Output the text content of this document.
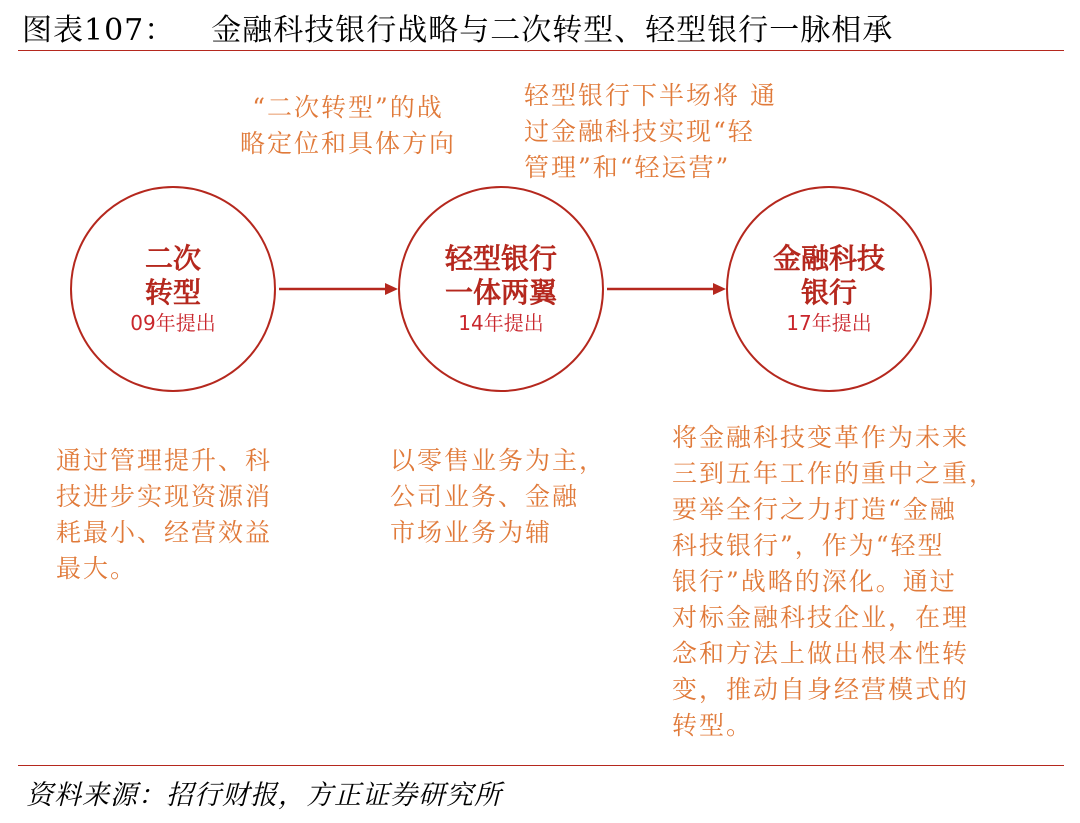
图表107： 金融科技银行战略与二次转型、轻型银行一脉相承
“二次转型”的战
略定位和具体方向
轻型银行下半场将 通
过金融科技实现“轻
管理”和“轻运营”
二次
转型
09年提出
轻型银行
一体两翼
14年提出
金融科技
银行
17年提出
通过管理提升、科
技进步实现资源消
耗最小、经营效益
最大。
以零售业务为主，
公司业务、金融
市场业务为辅
将金融科技变革作为未来
三到五年工作的重中之重，
要举全行之力打造“金融
科技银行”，作为“轻型
银行”战略的深化。通过
对标金融科技企业，在理
念和方法上做出根本性转
变，推动自身经营模式的
转型。
资料来源：招行财报，方正证券研究所
